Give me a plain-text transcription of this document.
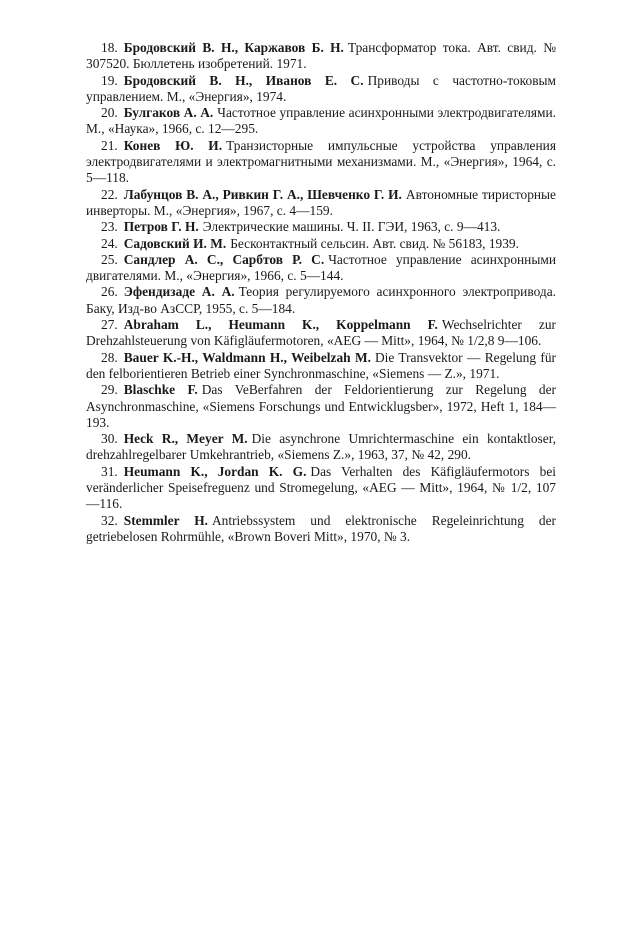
18. Бродовский В. Н., Каржавов Б. Н. Трансформатор тока. Авт. свид. № 307520. Бюллетень изобретений. 1971.

19. Бродовский В. Н., Иванов Е. С. Приводы с частотно-токовым управлением. М., «Энергия», 1974.

20. Булгаков А. А. Частотное управление асинхронными электродвигателями. М., «Наука», 1966, с. 12—295.

21. Конев Ю. И. Транзисторные импульсные устройства управления электродвигателями и электромагнитными механизмами. М., «Энергия», 1964, с. 5—118.

22. Лабунцов В. А., Ривкин Г. А., Шевченко Г. И. Автономные тиристорные инверторы. М., «Энергия», 1967, с. 4—159.

23. Петров Г. Н. Электрические машины. Ч. II. ГЭИ, 1963, с. 9—413.

24. Садовский И. М. Бесконтактный сельсин. Авт. свид. № 56183, 1939.

25. Сандлер А. С., Сарбтов Р. С. Частотное управление асинхронными двигателями. М., «Энергия», 1966, с. 5—144.

26. Эфендизаде А. А. Теория регулируемого асинхронного электропривода. Баку, Изд-во АзССР, 1955, с. 5—184.

27. Abraham L., Heumann K., Koppelmann F. Wechselrichter zur Drehzahlsteuerung von Käfigläufermotoren, «AEG — Mitt», 1964, № 1/2,8 9—106.

28. Bauer K.-H., Waldmann H., Weibelzah M. Die Transvektor — Regelung für den felborientieren Betrieb einer Synchronmaschine, «Siemens — Z.», 1971.

29. Blaschke F. Das VeBerfahren der Feldorientierung zur Regelung der Asynchronmaschine, «Siemens Forschungs und Entwicklugsber», 1972, Heft 1, 184—193.

30. Heck R., Meyer M. Die asynchrone Umrichtermaschine ein kontaktloser, drehzahlregelbarer Umkehrantrieb, «Siemens Z.», 1963, 37, № 42, 290.

31. Heumann K., Jordan K. G. Das Verhalten des Käfigläufermotors bei veränderlicher Speisefreguenz und Stromegelung, «AEG — Mitt», 1964, № 1/2, 107 —116.

32. Stemmler H. Antriebssystem und elektronische Regeleinrichtung der getriebelosen Rohrmühle, «Brown Boveri Mitt», 1970, № 3.
